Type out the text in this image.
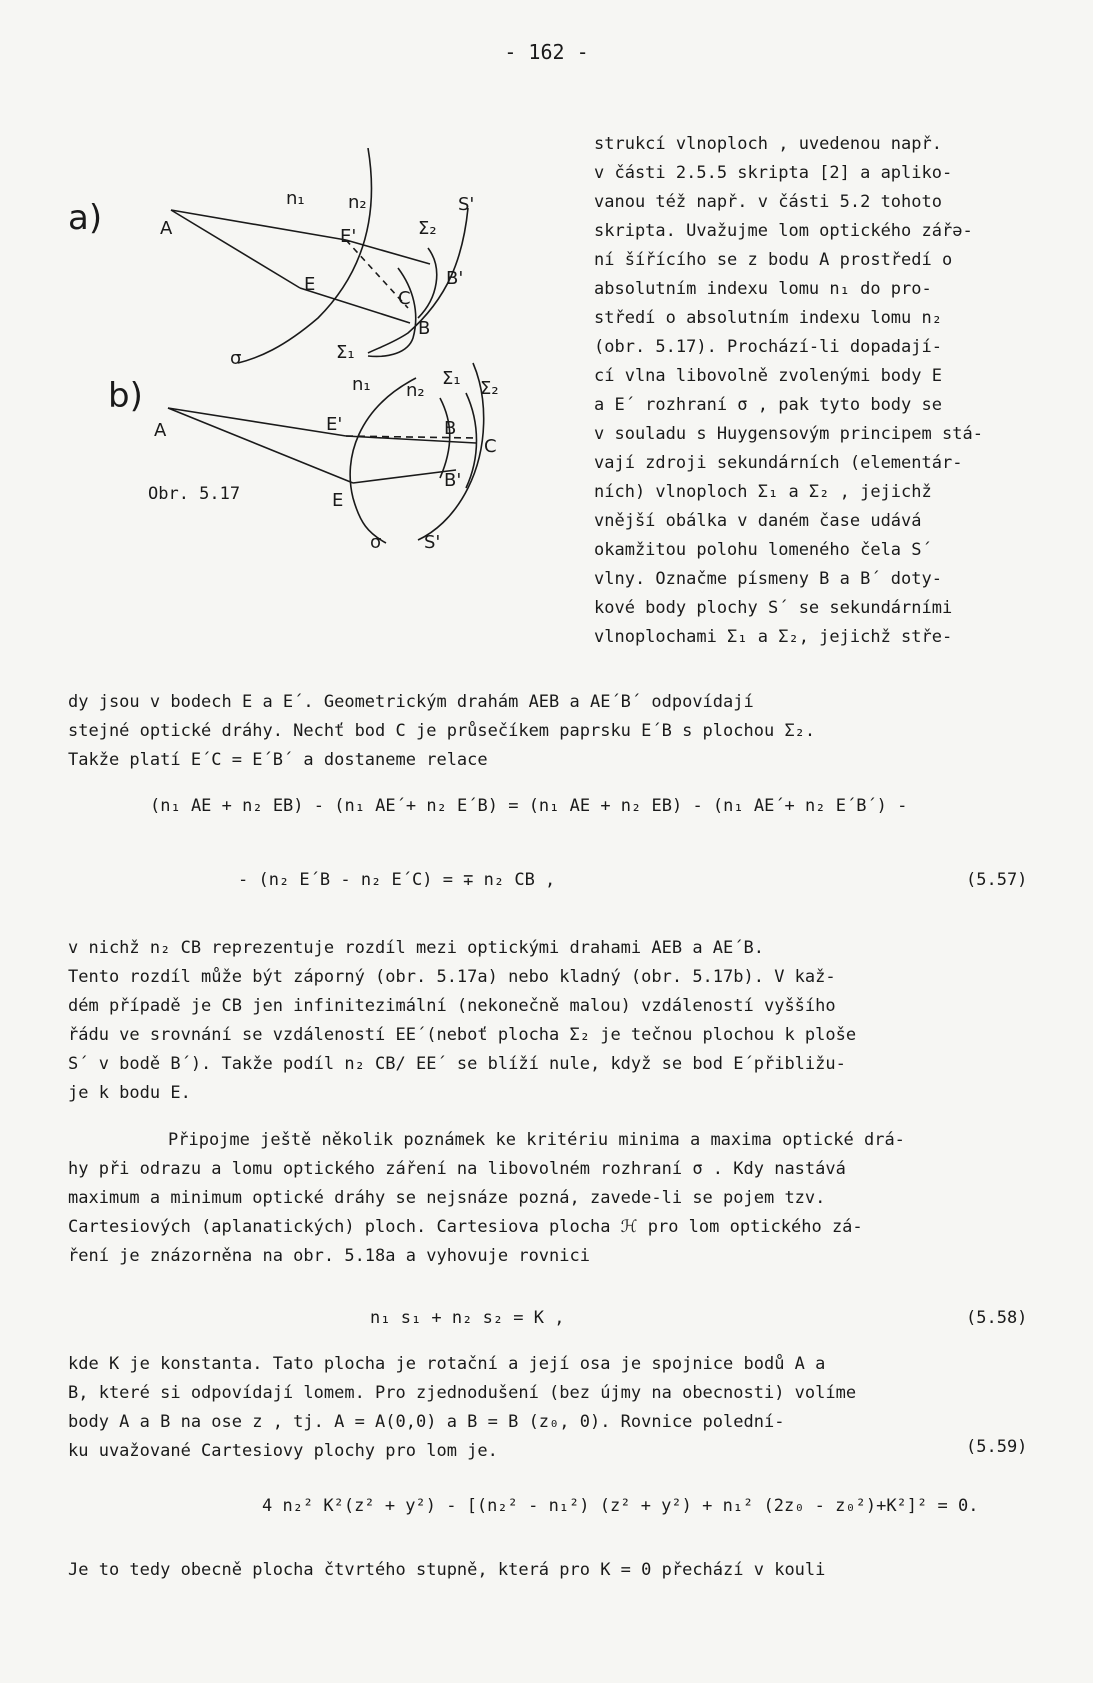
- 162 -
a)	A
n₁ n₂
Σ₂
S'
E'
E	B'
C
B
σ	Σ₁
b)
A
n₁ n₂
Σ₁ Σ₂
E'	B
C
B'
E
σ S'
Obr. 5.17
strukcí vlnoploch , uvedenou např.
v části 2.5.5 skripta [2] a apliko-
vanou též např. v části 5.2 tohoto
skripta. Uvažujme lom optického zářə-
ní šířícího se z bodu A prostředí o
absolutním indexu lomu n₁ do pro-
středí o absolutním indexu lomu n₂
(obr. 5.17). Prochází-li dopadají-
cí vlna libovolně zvolenými body E
a E´ rozhraní σ , pak tyto body se
v souladu s Huygensovým principem stá-
vají zdroji sekundárních (elementár-
ních) vlnoploch Σ₁ a Σ₂ , jejichž
vnější obálka v daném čase udává
okamžitou polohu lomeného čela S´
vlny. Označme písmeny B a B´ doty-
kové body plochy S´ se sekundárními
vlnoplochami Σ₁ a Σ₂, jejichž stře-
dy jsou v bodech E a E´. Geometrickým drahám AEB a AE´B´ odpovídají
stejné optické dráhy. Nechť bod C je průsečíkem paprsku E´B s plochou Σ₂.
Takže platí E´C = E´B´ a dostaneme relace
(n₁ AE + n₂ EB) - (n₁ AE´+ n₂ E´B) = (n₁ AE + n₂ EB) - (n₁ AE´+ n₂ E´B´) -
- (n₂ E´B - n₂ E´C) = ∓ n₂ CB ,	(5.57)
v nichž n₂ CB reprezentuje rozdíl mezi optickými drahami AEB a AE´B.
Tento rozdíl může být záporný (obr. 5.17a) nebo kladný (obr. 5.17b). V kaž-
dém případě je CB jen infinitezimální (nekonečně malou) vzdáleností vyššího
řádu ve srovnání se vzdáleností EE´(neboť plocha Σ₂ je tečnou plochou k ploše
S´ v bodě B´). Takže podíl n₂ CB/ EE´ se blíží nule, když se bod E´přibližu-
je k bodu E.
Připojme ještě několik poznámek ke kritériu minima a maxima optické drá-
hy při odrazu a lomu optického záření na libovolném rozhraní σ . Kdy nastává
maximum a minimum optické dráhy se nejsnáze pozná, zavede-li se pojem tzv.
Cartesiových (aplanatických) ploch. Cartesiova plocha ℋ pro lom optického zá-
ření je znázorněna na obr. 5.18a a vyhovuje rovnici
n₁ s₁ + n₂ s₂ = K ,	(5.58)
kde K je konstanta. Tato plocha je rotační a její osa je spojnice bodů A a
B, které si odpovídají lomem. Pro zjednodušení (bez újmy na obecnosti) volíme
body A a B na ose z , tj. A = A(0,0) a B = B (z₀, 0). Rovnice polední-
ku uvažované Cartesiovy plochy pro lom je.	(5.59)
4 n₂² K²(z² + y²) - [(n₂² - n₁²) (z² + y²) + n₁² (2z₀ - z₀²)+K²]² = 0.
Je to tedy obecně plocha čtvrtého stupně, která pro K = 0 přechází v kouli
